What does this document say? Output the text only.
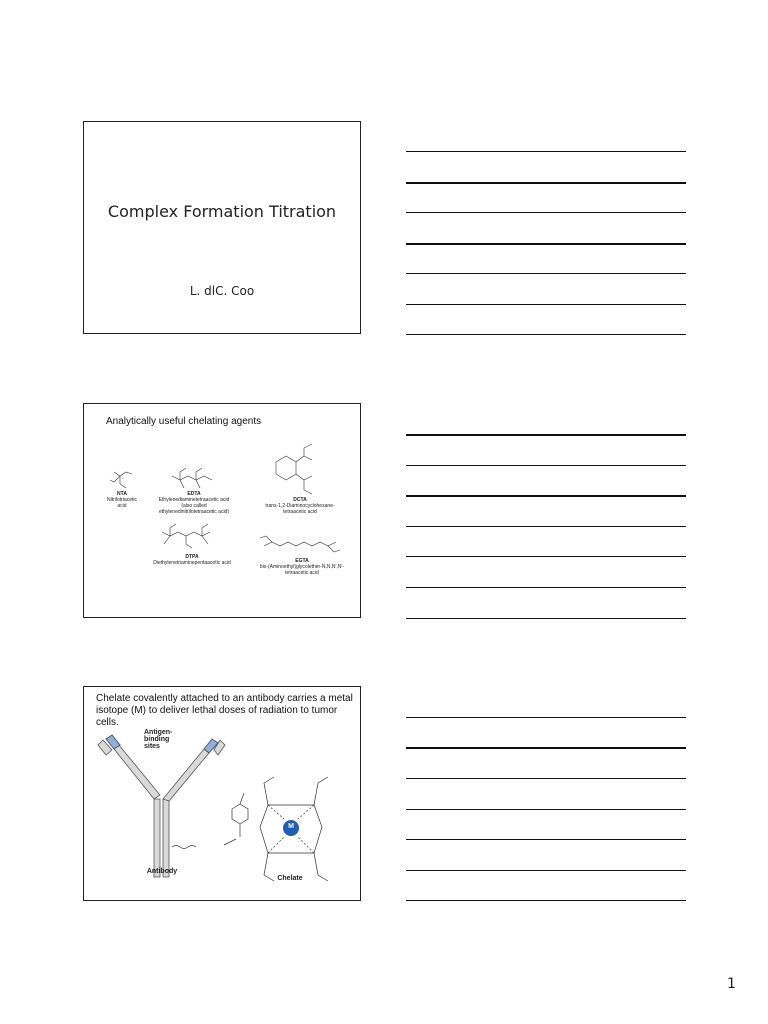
Complex Formation Titration
L. dlC. Coo
Analytically useful chelating agents
NTA
Nitrilotriacetic acid
EDTA
Ethylenediaminetetraacetic acid
(also called
ethylenedinitrilotetraacetic acid)
DCTA
trans-1,2-Diaminocyclohexane-
tetraacetic acid
DTPA
Diethylenetriaminepentaacetic acid	EGTA
bis-(Aminoethyl)glycolether-N,N,N',N'-
tetraacetic acid
Chelate covalently attached to an antibody carries a metal isotope (M) to deliver lethal doses of radiation to tumor cells.
Antigen-binding sites
Antibody
Chelate
M
1
